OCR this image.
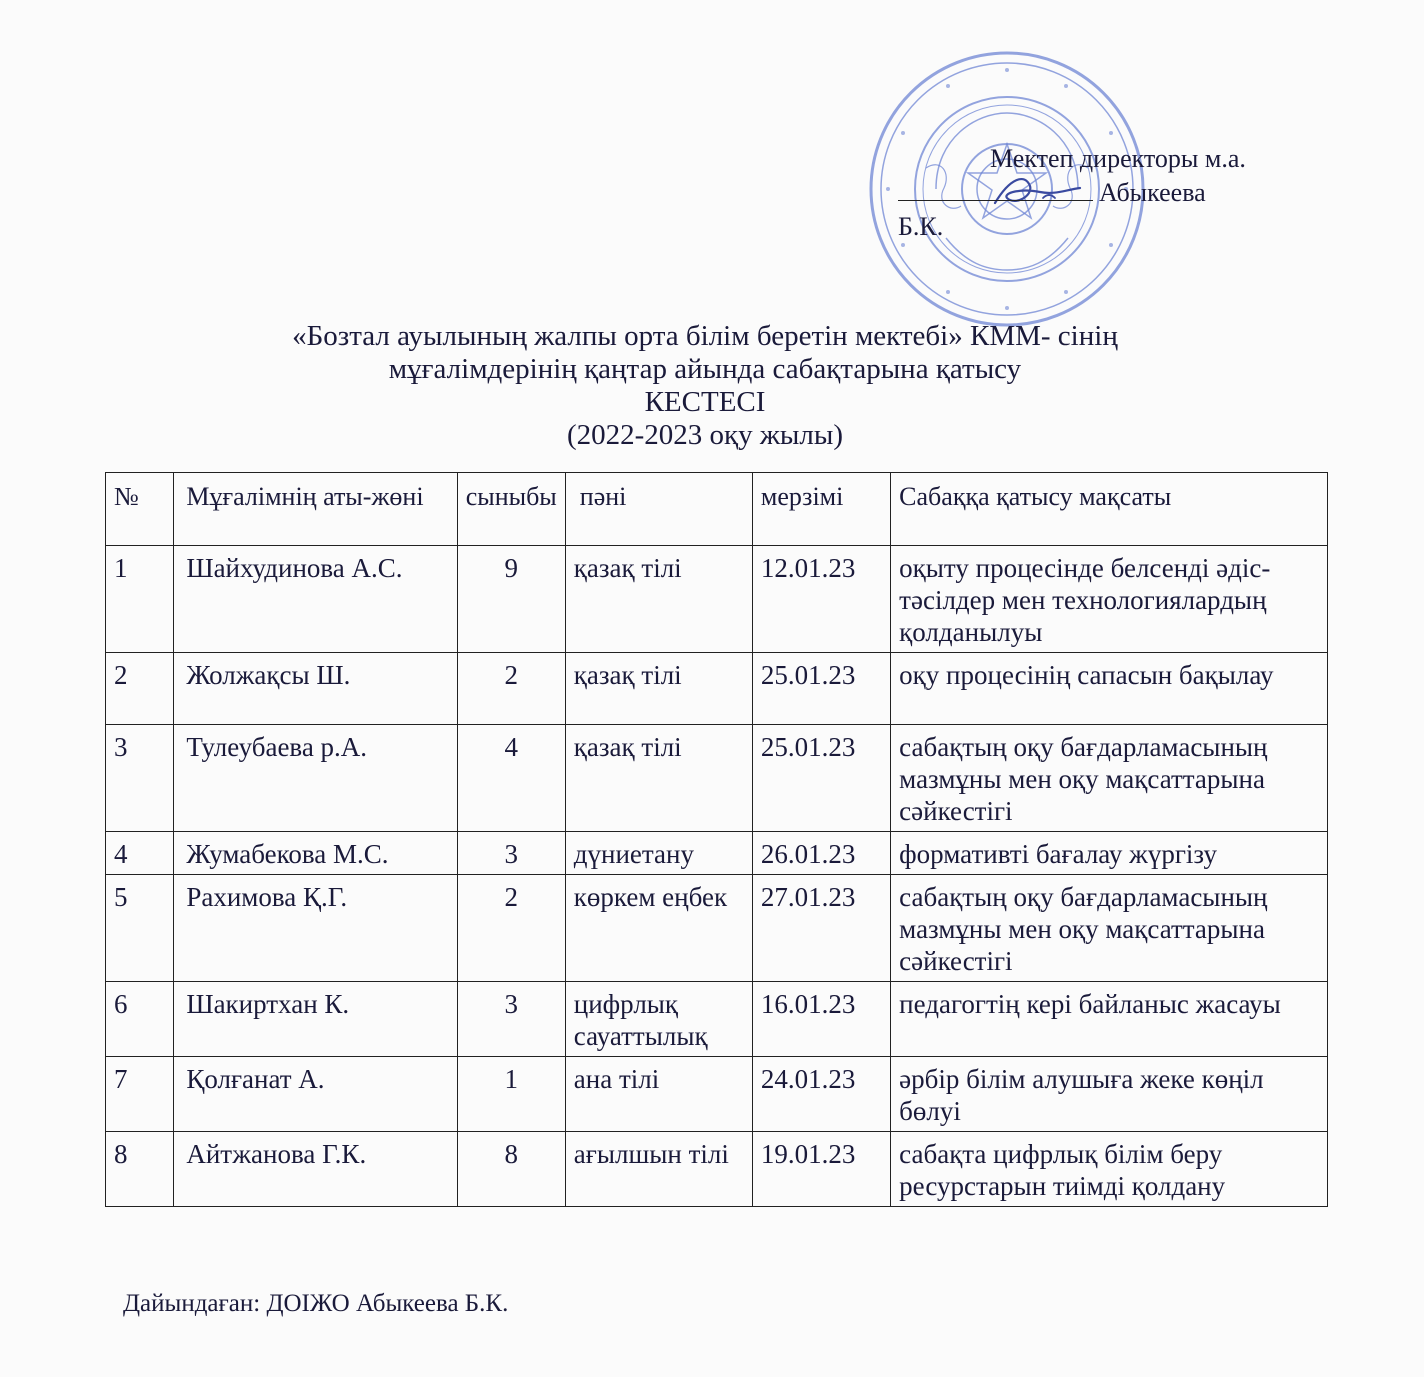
Мектеп директоры м.а.
Абыкеева Б.К.
«Бозтал ауылының жалпы орта білім беретін мектебі» КММ- сінің
мұғалімдерінің қаңтар айында сабақтарына қатысу
КЕСТЕСІ
(2022-2023 оқу жылы)
№	Мұғалімнің аты-жөні	сыныбы	пәні	мерзімі	Сабаққа қатысу мақсаты
1	Шайхудинова А.С.	9	қазақ тілі	12.01.23	оқыту процесінде белсенді әдіс-тәсілдер мен технологиялардың қолданылуы
2	Жолжақсы Ш.	2	қазақ тілі	25.01.23	оқу процесінің сапасын бақылау
3	Тулеубаева р.А.	4	қазақ тілі	25.01.23	сабақтың оқу бағдарламасының мазмұны мен оқу мақсаттарына сәйкестігі
4	Жумабекова М.С.	3	дүниетану	26.01.23	формативті бағалау жүргізу
5	Рахимова Қ.Г.	2	көркем еңбек	27.01.23	сабақтың оқу бағдарламасының мазмұны мен оқу мақсаттарына сәйкестігі
6	Шакиртхан К.	3	цифрлық сауаттылық	16.01.23	педагогтің кері байланыс жасауы
7	Қолғанат А.	1	ана тілі	24.01.23	әрбір білім алушыға жеке көңіл бөлуі
8	Айтжанова Г.К.	8	ағылшын тілі	19.01.23	сабақта цифрлық білім беру ресурстарын тиімді қолдану
Дайындаған: ДОІЖО Абыкеева Б.К.
